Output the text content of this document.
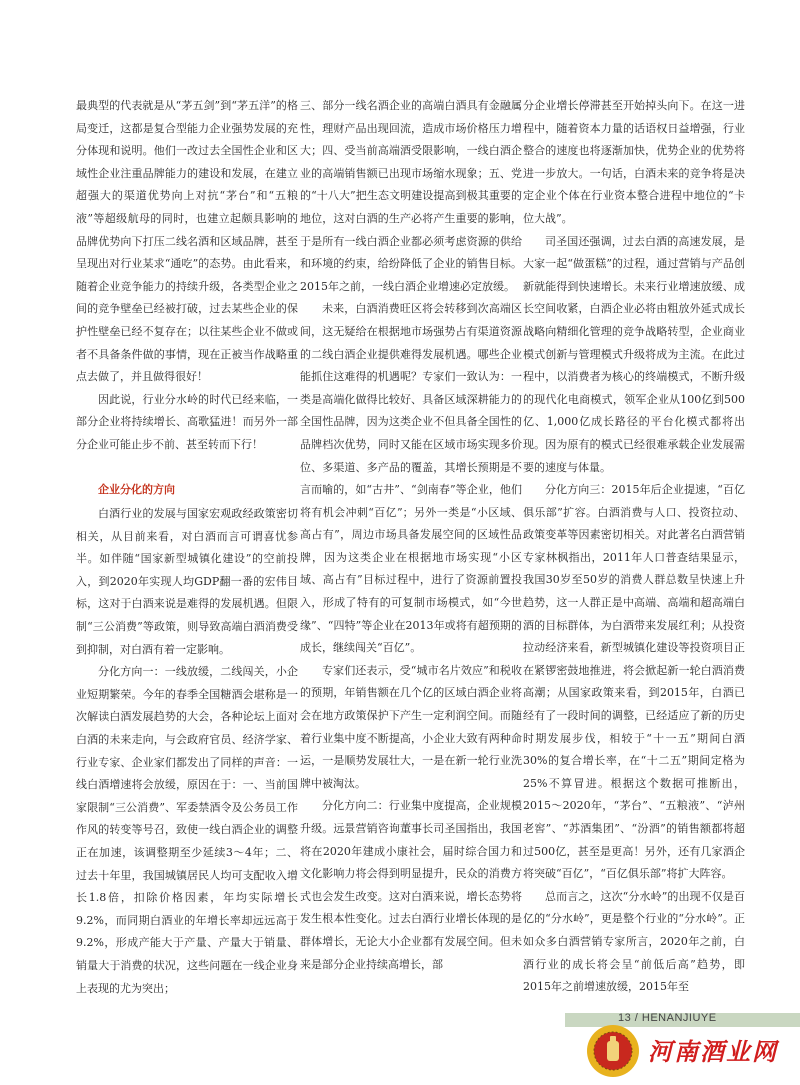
最典型的代表就是从“茅五剑”到“茅五洋”的格局变迁，这都是复合型能力企业强势发展的充分体现和说明。他们一改过去全国性企业和区域性企业注重品牌能力的建设和发展，在建立超强大的渠道优势向上对抗“茅台”和“五粮液”等超级航母的同时，也建立起颇具影响的品牌优势向下打压二线名酒和区域品牌，甚至呈现出对行业某求“通吃”的态势。由此看来，随着企业竞争能力的持续升级，各类型企业之间的竞争壁垒已经被打破，过去某些企业的保护性壁垒已经不复存在；以往某些企业不做或者不具备条件做的事情，现在正被当作战略重点去做了，并且做得很好！

因此说，行业分水岭的时代已经来临，一部分企业将持续增长、高歌猛进！而另外一部分企业可能止步不前、甚至转而下行！

企业分化的方向

白酒行业的发展与国家宏观政经政策密切相关，从目前来看，对白酒而言可谓喜忧参半。如伴随“国家新型城镇化建设”的空前投入，到2020年实现人均GDP翻一番的宏伟目标，这对于白酒来说是难得的发展机遇。但限制“三公消费”等政策，则导致高端白酒消费受到抑制，对白酒有着一定影响。

分化方向一：一线放缓，二线闯关，小企业短期繁荣。今年的春季全国糖酒会堪称是一次解读白酒发展趋势的大会，各种论坛上面对白酒的未来走向，与会政府官员、经济学家、行业专家、企业家们都发出了同样的声音：一线白酒增速将会放缓，原因在于：一、当前国家限制“三公消费”、军委禁酒令及公务员工作作风的转变等号召，致使一线白酒企业的调整正在加速，该调整期至少延续3～4年；二、过去十年里，我国城镇居民人均可支配收入增长1.8倍，扣除价格因素，年均实际增长9.2%，而同期白酒业的年增长率却远远高于9.2%，形成产能大于产量、产量大于销量、销量大于消费的状况，这些问题在一线企业身上表现的尤为突出；

三、部分一线名酒企业的高端白酒具有金融属性，理财产品出现回流，造成市场价格压力增大；四、受当前高端酒受限影响，一线白酒企业的高端销售额已出现市场缩水现象；五、党的“十八大”把生态文明建设提高到极其重要的地位，这对白酒的生产必将产生重要的影响，于是所有一线白酒企业都必须考虑资源的供给和环境的约束，给纷降低了企业的销售目标。2015年之前，一线白酒企业增速必定放缓。

未来，白酒消费旺区将会转移到次高端区间，这无疑给在根据地市场强势占有渠道资源的二线白酒企业提供难得发展机遇。哪些企业能抓住这难得的机遇呢？专家们一致认为：一类是高端化做得比较好、具备区域深耕能力的全国性品牌，因为这类企业不但具备全国性的品牌档次优势，同时又能在区域市场实现多价位、多渠道、多产品的覆盖，其增长预期是不言而喻的，如“古井”、“剑南春”等企业，他们将有机会冲刺“百亿”；另外一类是“小区域、高占有”，周边市场具备发展空间的区域性品牌，因为这类企业在根据地市场实现“小区域、高占有”目标过程中，进行了资源前置投入，形成了特有的可复制市场模式，如“今世缘”、“四特”等企业在2013年或将有超预期的成长，继续闯关“百亿”。

专家们还表示，受“城市名片效应”和税收的预期，年销售额在几个亿的区域白酒企业将会在地方政策保护下产生一定利润空间。而随着行业集中度不断提高，小企业大致有两种命运，一是顺势发展壮大，一是在新一轮行业洗牌中被淘汰。

分化方向二：行业集中度提高，企业规模升级。远景营销咨询董事长司圣国指出，我国将在2020年建成小康社会，届时综合国力和文化影响力将会得到明显提升，民众的消费方式也会发生改变。这对白酒来说，增长态势将发生根本性变化。过去白酒行业增长体现的是群体增长，无论大小企业都有发展空间。但未来是部分企业持续高增长，部

分企业增长停滞甚至开始掉头向下。在这一进程中，随着资本力量的话语权日益增强，行业整合的速度也将逐渐加快，优势企业的优势将进一步放大。一句话，白酒未来的竞争将是决定企业个体在行业资本整合进程中地位的“卡位大战”。

司圣国还强调，过去白酒的高速发展，是大家一起“做蛋糕”的过程，通过营销与产品创新就能得到快速增长。未来行业增速放缓、成长空间收紧，白酒企业必将由粗放外延式成长战略向精细化管理的竞争战略转型，企业商业模式创新与管理模式升级将成为主流。在此过程中，以消费者为核心的终端模式，不断升级的现代化电商模式，领军企业从100亿到500亿、1,000亿成长路径的平台化模式都将出现。因为原有的模式已经很难承载企业发展需要的速度与体量。

分化方向三：2015年后企业提速，“百亿俱乐部”扩容。白酒消费与人口、投资拉动、政策变革等因素密切相关。对此著名白酒营销专家林枫指出，2011年人口普查结果显示，我国30岁至50岁的消费人群总数呈快速上升趋势，这一人群正是中高端、高端和超高端白酒的目标群体，为白酒带来发展红利；从投资拉动经济来看，新型城镇化建设等投资项目正在紧锣密鼓地推进，将会掀起新一轮白酒消费高潮；从国家政策来看，到2015年，白酒已经有了一段时间的调整，已经适应了新的历史时期发展步伐，相较于“十一五”期间白酒30%的复合增长率，在“十二五”期间定格为25%不算冒进。根据这个数据可推断出，2015～2020年，“茅台”、“五粮液”、“泸州老窖”、“苏酒集团”、“汾酒”的销售额都将超过500亿，甚至是更高！另外，还有几家酒企将突破“百亿”，“百亿俱乐部”将扩大阵容。

总而言之，这次“分水岭”的出现不仅是百亿的“分水岭”，更是整个行业的“分水岭”。正如众多白酒营销专家所言，2020年之前，白酒行业的成长将会呈“前低后高”趋势，即2015年之前增速放缓，2015年至

13 / HENANJIUYE
河南酒业网
